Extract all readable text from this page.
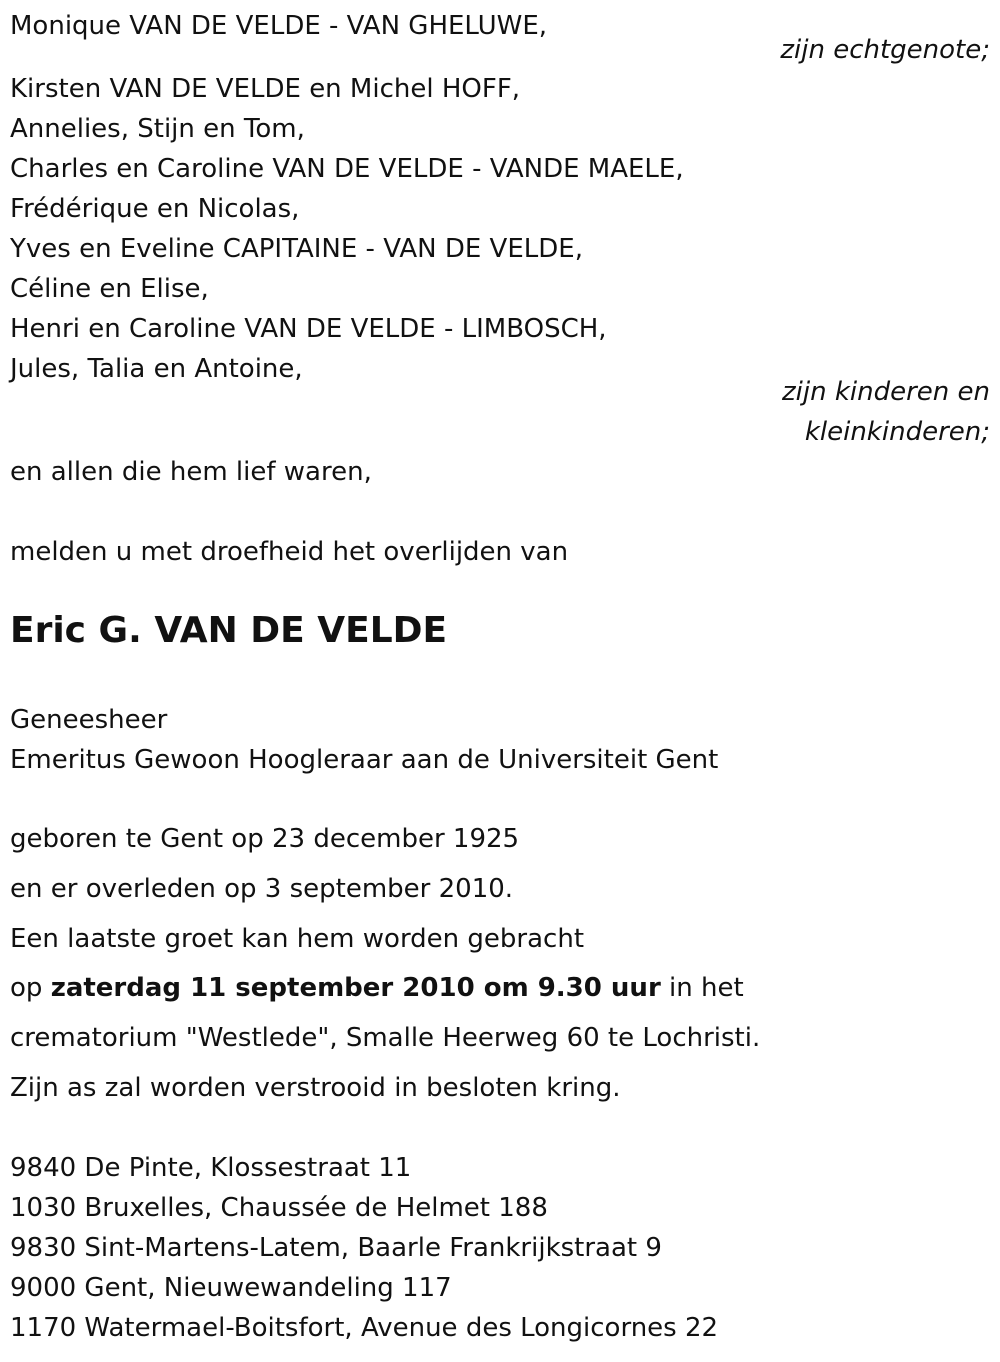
Monique VAN DE VELDE - VAN GHELUWE,

zijn echtgenote;

Kirsten VAN DE VELDE en Michel HOFF,

Annelies, Stijn en Tom,

Charles en Caroline VAN DE VELDE - VANDE MAELE,

Frédérique en Nicolas,

Yves en Eveline CAPITAINE - VAN DE VELDE,

Céline en Elise,

Henri en Caroline VAN DE VELDE - LIMBOSCH,

Jules, Talia en Antoine,

zijn kinderen en

kleinkinderen;

en allen die hem lief waren,

melden u met droefheid het overlijden van

Eric G. VAN DE VELDE

Geneesheer

Emeritus Gewoon Hoogleraar aan de Universiteit Gent

geboren te Gent op 23 december 1925

en er overleden op 3 september 2010.

Een laatste groet kan hem worden gebracht

op zaterdag 11 september 2010 om 9.30 uur in het

crematorium "Westlede", Smalle Heerweg 60 te Lochristi.

Zijn as zal worden verstrooid in besloten kring.

9840 De Pinte, Klossestraat 11

1030 Bruxelles, Chaussée de Helmet 188

9830 Sint-Martens-Latem, Baarle Frankrijkstraat 9

9000 Gent, Nieuwewandeling 117

1170 Watermael-Boitsfort, Avenue des Longicornes 22
